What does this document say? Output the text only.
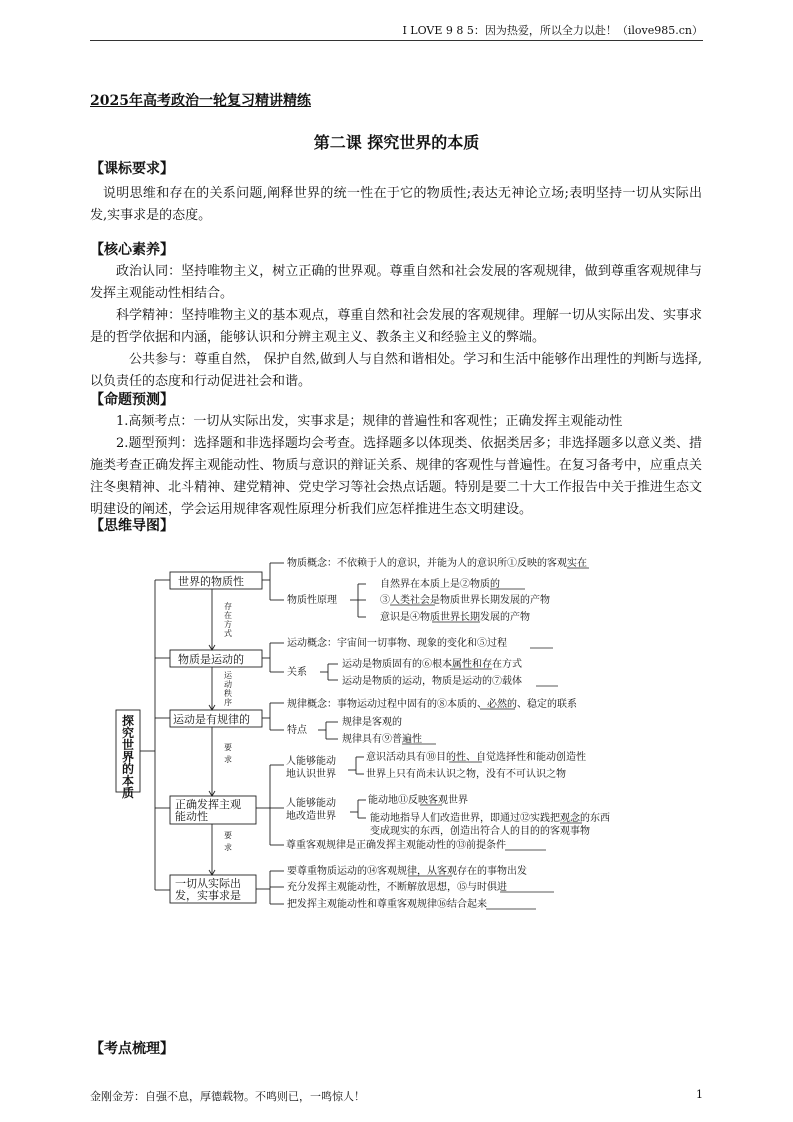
I LOVE 9 8 5：因为热爱，所以全力以赴！（ilove985.cn）
2025年高考政治一轮复习精讲精练
第二课 探究世界的本质
【课标要求】
说明思维和存在的关系问题,阐释世界的统一性在于它的物质性;表达无神论立场;表明坚持一切从实际出发,实事求是的态度。
【核心素养】
政治认同：坚持唯物主义，树立正确的世界观。尊重自然和社会发展的客观规律，做到尊重客观规律与发挥主观能动性相结合。
科学精神：坚持唯物主义的基本观点，尊重自然和社会发展的客观规律。理解一切从实际出发、实事求是的哲学依据和内涵，能够认识和分辨主观主义、教条主义和经验主义的弊端。
公共参与：尊重自然， 保护自然,做到人与自然和谐相处。学习和生活中能够作出理性的判断与选择,以负责任的态度和行动促进社会和谐。
【命题预测】
1.高频考点：一切从实际出发，实事求是；规律的普遍性和客观性；正确发挥主观能动性
2.题型预判：选择题和非选择题均会考查。选择题多以体现类、依据类居多；非选择题多以意义类、措施类考查正确发挥主观能动性、物质与意识的辩证关系、规律的客观性与普遍性。在复习备考中，应重点关注冬奥精神、北斗精神、建党精神、党史学习等社会热点话题。特别是要二十大工作报告中关于推进生态文明建设的阐述，学会运用规律客观性原理分析我们应怎样推进生态文明建设。
【思维导图】
探
究
世
界
的
本
质
世界的物质性
物质是运动的
运动是有规律的
正确发挥主观
能动性
一切从实际出
发，实事求是
存
在
方
式
运
动
秩
序
要
求
要
求
物质概念：不依赖于人的意识，并能为人的意识所①反映的客观实在
物质性原理
自然界在本质上是②物质的
③人类社会是物质世界长期发展的产物
意识是④物质世界长期发展的产物
运动概念：宇宙间一切事物、现象的变化和⑤过程
关系
运动是物质固有的⑥根本属性和存在方式
运动是物质的运动，物质是运动的⑦载体
规律概念：事物运动过程中固有的⑧本质的、必然的、稳定的联系
特点
规律是客观的
规律具有⑨普遍性
人能够能动
地认识世界
意识活动具有⑩目的性、自觉选择性和能动创造性
世界上只有尚未认识之物，没有不可认识之物
人能够能动
地改造世界
能动地⑪反映客观世界
能动地指导人们改造世界，即通过⑫实践把观念的东西
变成现实的东西，创造出符合人的目的的客观事物
尊重客观规律是正确发挥主观能动性的⑬前提条件
要尊重物质运动的⑭客观规律，从客观存在的事物出发
充分发挥主观能动性，不断解放思想，⑮与时俱进
把发挥主观能动性和尊重客观规律⑯结合起来
【考点梳理】
金刚金芳：自强不息，厚德载物。不鸣则已，一鸣惊人！	1
